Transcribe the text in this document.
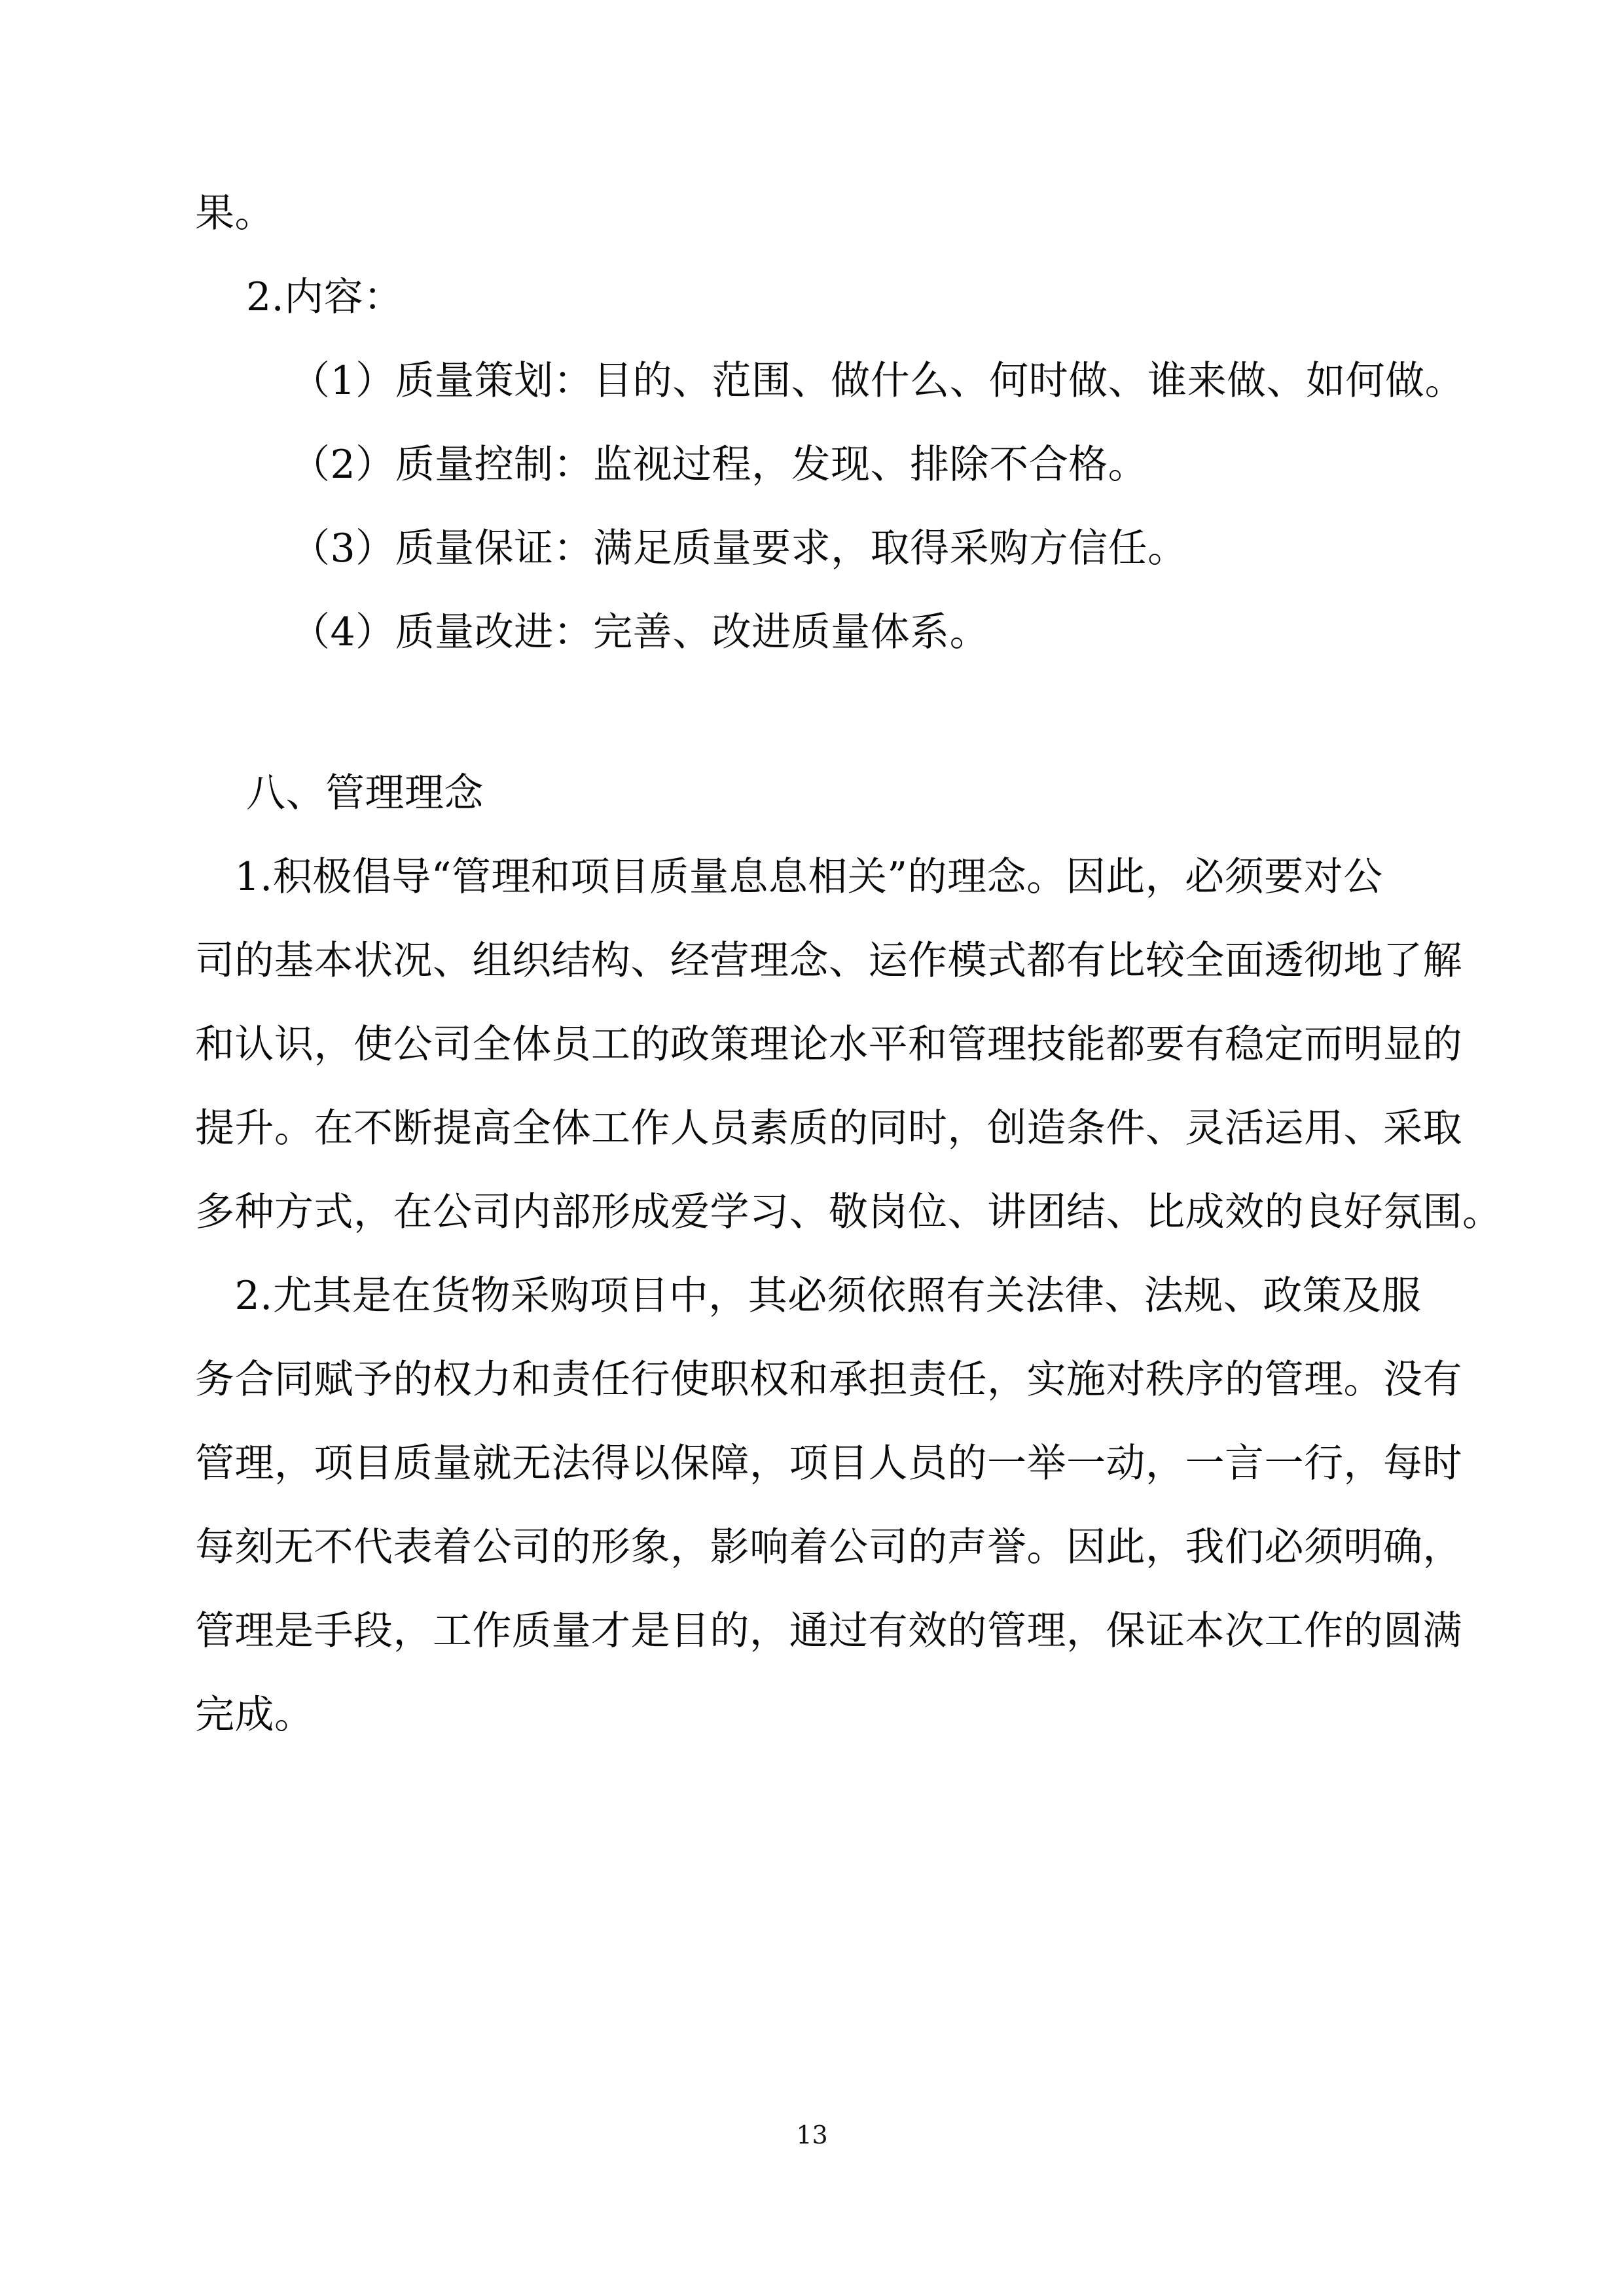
果。
2.内容：
（1）质量策划：目的、范围、做什么、何时做、谁来做、如何做。
（2）质量控制：监视过程，发现、排除不合格。
（3）质量保证：满足质量要求，取得采购方信任。
（4）质量改进：完善、改进质量体系。
八、管理理念
　1.积极倡导“管理和项目质量息息相关”的理念。因此，必须要对公
司的基本状况、组织结构、经营理念、运作模式都有比较全面透彻地了解
和认识，使公司全体员工的政策理论水平和管理技能都要有稳定而明显的
提升。在不断提高全体工作人员素质的同时，创造条件、灵活运用、采取
多种方式，在公司内部形成爱学习、敬岗位、讲团结、比成效的良好氛围。
　2.尤其是在货物采购项目中，其必须依照有关法律、法规、政策及服
务合同赋予的权力和责任行使职权和承担责任，实施对秩序的管理。没有
管理，项目质量就无法得以保障，项目人员的一举一动，一言一行，每时
每刻无不代表着公司的形象，影响着公司的声誉。因此，我们必须明确，
管理是手段，工作质量才是目的，通过有效的管理，保证本次工作的圆满
完成。
13
